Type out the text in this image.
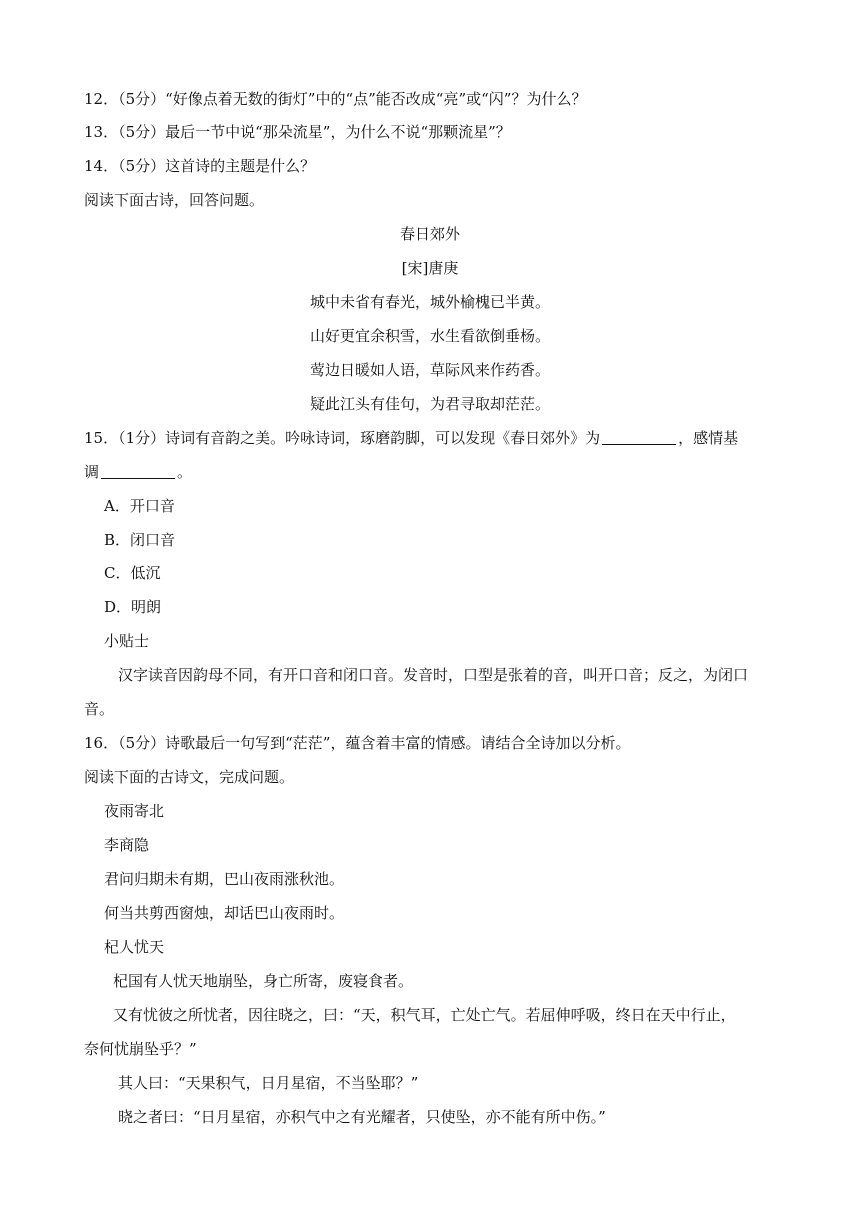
12．（5分）“好像点着无数的街灯”中的“点”能否改成“亮”或“闪”？为什么？
13．（5分）最后一节中说“那朵流星”，为什么不说“那颗流星”？
14．（5分）这首诗的主题是什么？
阅读下面古诗，回答问题。
春日郊外
[宋]唐庚
城中未省有春光，城外榆槐已半黄。
山好更宜余积雪，水生看欲倒垂杨。
莺边日暖如人语，草际风来作药香。
疑此江头有佳句，为君寻取却茫茫。
15．（1分）诗词有音韵之美。吟咏诗词，琢磨韵脚，可以发现《春日郊外》为	，感情基
调	。
A．开口音
B．闭口音
C．低沉
D．明朗
小贴士
汉字读音因韵母不同，有开口音和闭口音。发音时，口型是张着的音，叫开口音；反之，为闭口
音。
16．（5分）诗歌最后一句写到“茫茫”，蕴含着丰富的情感。请结合全诗加以分析。
阅读下面的古诗文，完成问题。
夜雨寄北
李商隐
君问归期未有期，巴山夜雨涨秋池。
何当共剪西窗烛，却话巴山夜雨时。
杞人忧天
杞国有人忧天地崩坠，身亡所寄，废寝食者。
又有忧彼之所忧者，因往晓之，曰：“天，积气耳，亡处亡气。若屈伸呼吸，终日在天中行止，
奈何忧崩坠乎？”
其人曰：“天果积气，日月星宿，不当坠耶？”
晓之者曰：“日月星宿，亦积气中之有光耀者，只使坠，亦不能有所中伤。”
